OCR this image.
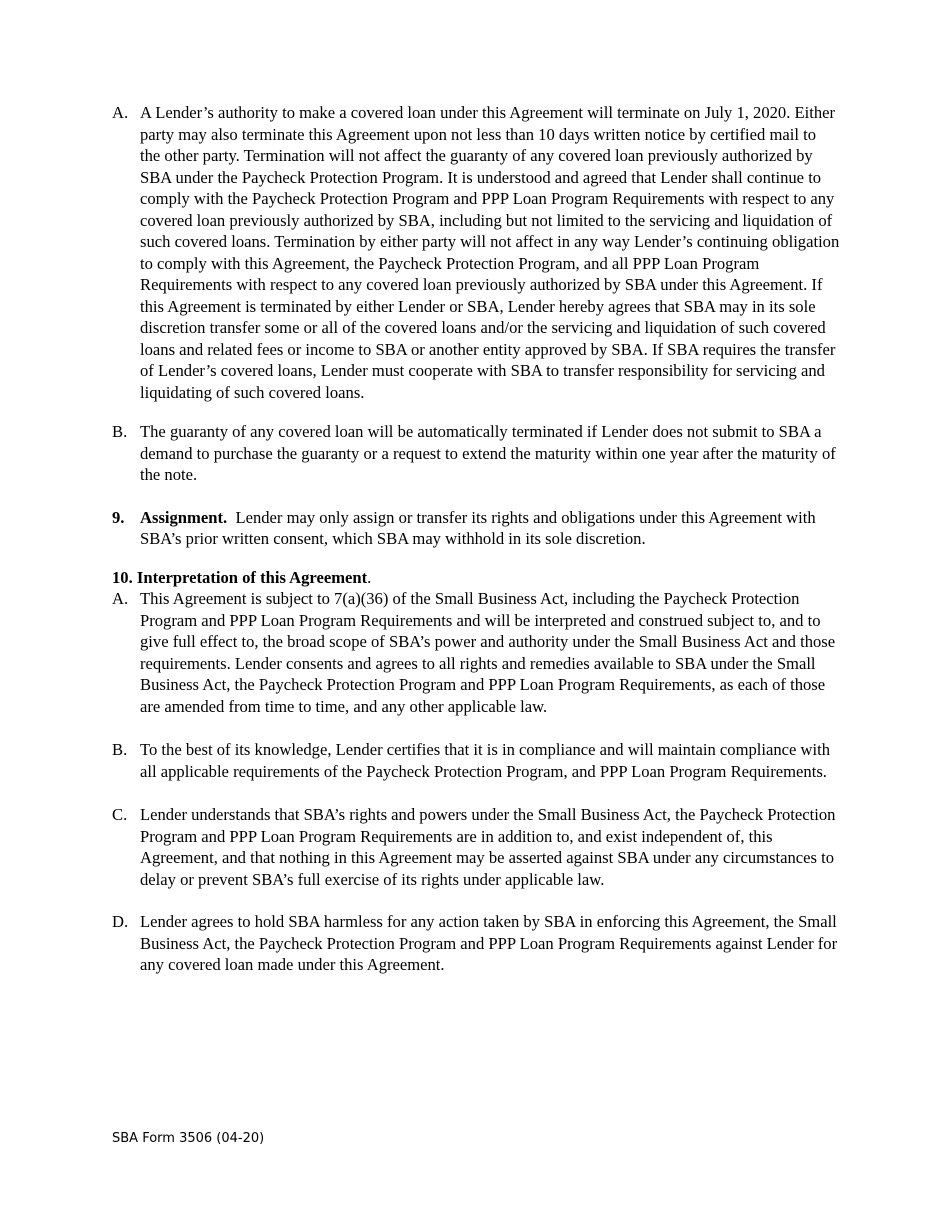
A. A Lender’s authority to make a covered loan under this Agreement will terminate on July 1, 2020. Either party may also terminate this Agreement upon not less than 10 days written notice by certified mail to the other party. Termination will not affect the guaranty of any covered loan previously authorized by SBA under the Paycheck Protection Program. It is understood and agreed that Lender shall continue to comply with the Paycheck Protection Program and PPP Loan Program Requirements with respect to any covered loan previously authorized by SBA, including but not limited to the servicing and liquidation of such covered loans. Termination by either party will not affect in any way Lender’s continuing obligation to comply with this Agreement, the Paycheck Protection Program, and all PPP Loan Program Requirements with respect to any covered loan previously authorized by SBA under this Agreement. If this Agreement is terminated by either Lender or SBA, Lender hereby agrees that SBA may in its sole discretion transfer some or all of the covered loans and/or the servicing and liquidation of such covered loans and related fees or income to SBA or another entity approved by SBA. If SBA requires the transfer of Lender’s covered loans, Lender must cooperate with SBA to transfer responsibility for servicing and liquidating of such covered loans.
B. The guaranty of any covered loan will be automatically terminated if Lender does not submit to SBA a demand to purchase the guaranty or a request to extend the maturity within one year after the maturity of the note.
9. Assignment. Lender may only assign or transfer its rights and obligations under this Agreement with SBA’s prior written consent, which SBA may withhold in its sole discretion.
10. Interpretation of this Agreement.
A. This Agreement is subject to 7(a)(36) of the Small Business Act, including the Paycheck Protection Program and PPP Loan Program Requirements and will be interpreted and construed subject to, and to give full effect to, the broad scope of SBA’s power and authority under the Small Business Act and those requirements. Lender consents and agrees to all rights and remedies available to SBA under the Small Business Act, the Paycheck Protection Program and PPP Loan Program Requirements, as each of those are amended from time to time, and any other applicable law.
B. To the best of its knowledge, Lender certifies that it is in compliance and will maintain compliance with all applicable requirements of the Paycheck Protection Program, and PPP Loan Program Requirements.
C. Lender understands that SBA’s rights and powers under the Small Business Act, the Paycheck Protection Program and PPP Loan Program Requirements are in addition to, and exist independent of, this Agreement, and that nothing in this Agreement may be asserted against SBA under any circumstances to delay or prevent SBA’s full exercise of its rights under applicable law.
D. Lender agrees to hold SBA harmless for any action taken by SBA in enforcing this Agreement, the Small Business Act, the Paycheck Protection Program and PPP Loan Program Requirements against Lender for any covered loan made under this Agreement.
SBA Form 3506 (04-20)
